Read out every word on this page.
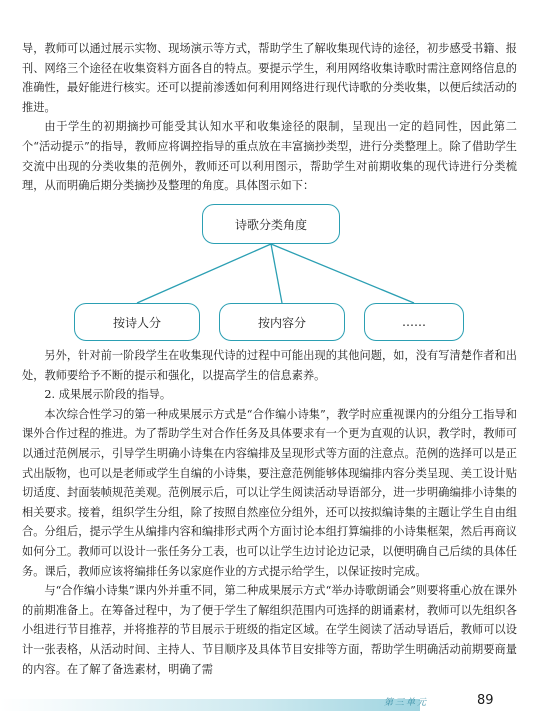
导，教师可以通过展示实物、现场演示等方式，帮助学生了解收集现代诗的途径，初步感受书籍、报刊、网络三个途径在收集资料方面各自的特点。要提示学生，利用网络收集诗歌时需注意网络信息的准确性，最好能进行核实。还可以提前渗透如何利用网络进行现代诗歌的分类收集，以便后续活动的推进。

由于学生的初期摘抄可能受其认知水平和收集途径的限制，呈现出一定的趋同性，因此第二个“活动提示”的指导，教师应将调控指导的重点放在丰富摘抄类型，进行分类整理上。除了借助学生交流中出现的分类收集的范例外，教师还可以利用图示，帮助学生对前期收集的现代诗进行分类梳理，从而明确后期分类摘抄及整理的角度。具体图示如下：

诗歌分类角度
按诗人分	按内容分	……

另外，针对前一阶段学生在收集现代诗的过程中可能出现的其他问题，如，没有写清楚作者和出处，教师要给予不断的提示和强化，以提高学生的信息素养。

2. 成果展示阶段的指导。

本次综合性学习的第一种成果展示方式是“合作编小诗集”，教学时应重视课内的分组分工指导和课外合作过程的推进。为了帮助学生对合作任务及具体要求有一个更为直观的认识，教学时，教师可以通过范例展示，引导学生明确小诗集在内容编排及呈现形式等方面的注意点。范例的选择可以是正式出版物，也可以是老师或学生自编的小诗集，要注意范例能够体现编排内容分类呈现、美工设计贴切适度、封面装帧规范美观。范例展示后，可以让学生阅读活动导语部分，进一步明确编排小诗集的相关要求。接着，组织学生分组，除了按照自然座位分组外，还可以按拟编诗集的主题让学生自由组合。分组后，提示学生从编排内容和编排形式两个方面讨论本组打算编排的小诗集框架，然后再商议如何分工。教师可以设计一张任务分工表，也可以让学生边讨论边记录，以便明确自己后续的具体任务。课后，教师应该将编排任务以家庭作业的方式提示给学生，以保证按时完成。

与“合作编小诗集”课内外并重不同，第二种成果展示方式“举办诗歌朗诵会”则要将重心放在课外的前期准备上。在筹备过程中，为了便于学生了解组织范围内可选择的朗诵素材，教师可以先组织各小组进行节目推荐，并将推荐的节目展示于班级的指定区域。在学生阅读了活动导语后，教师可以设计一张表格，从活动时间、主持人、节目顺序及具体节目安排等方面，帮助学生明确活动前期要商量的内容。在了解了备选素材，明确了需

第三单元	89
